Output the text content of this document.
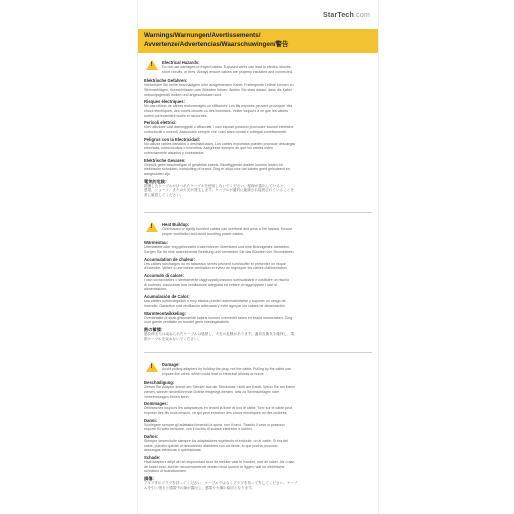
StarTech.com
Warnings/Warnungen/Avertissements/
Avvertenze/Advertencias/Waarschuwingen/警告
! Electrical Hazards:
Do not use damaged or frayed cables. Exposed wires can lead to electric shocks,
short circuits, or fires. Always ensure cables are properly insulated and connected.
Elektrische Gefahren:
Verwenden Sie keine beschädigten oder ausgefransten Kabel. Freiliegende Drähte können zu
Stromschlägen, Kurzschlüssen oder Bränden führen. Achten Sie stets darauf, dass die Kabel
ordnungsgemäß isoliert und angeschlossen sind.
Risques électriques:
Ne pas utiliser de câbles endommagés ou effilochés. Les fils exposés peuvent provoquer des
chocs électriques, des courts-circuits ou des incendies. Veiller toujours à ce que les câbles
soient correctement isolés et raccordés.
Pericoli elettrici:
Non utilizzare cavi danneggiati o sfilacciati. I cavi esposti possono provocare scosse elettriche,
cortocircuiti o incendi. Assicurarsi sempre che i cavi siano isolati e collegati correttamente.
Peligros con la Electricidad:
No utilizar cables dañados o deshilachados. Los cables expuestos pueden provocar descargas
eléctricas, cortocircuitos o incendios. Asegúrese siempre de que los cables estén
correctamente aislados y conectados.
Elektrische Gevaren:
Gebruik geen beschadigde of gerafelde kabels. Blootliggende draden kunnen leiden tot
elektrische schokken, kortsluiting of brand. Zorg er altijd voor dat kabels goed geïsoleerd en
aangesloten zijn.
電気的危険:
損傷したケーブルやほつれたケーブルを使用しないでください。配線が露出していると、
感電、ショート、または火災が発生します。ケーブルが適切に絶縁され接続されていることを
常に確認してください。
! Heat Buildup:
Overloaded or tightly bundled cables can overheat and pose a fire hazard. Ensure
proper ventilation and avoid bundling power cables.
Wärmestau:
Überlastete oder eng gebündelte Kabel können überhitzen und eine Brandgefahr darstellen.
Sorgen Sie für eine ausreichende Belüftung und vermeiden Sie das Bündeln von Stromkabeln.
Accumulation de chaleur:
Les câbles surchargés ou en faisceaux serrés peuvent surchauffer et présenter un risque
d'incendie. Veillez à une bonne ventilation et évitez de regrouper les câbles d'alimentation.
Accumulo di calore:
I cavi sovraccarichi o strettamente raggruppati possono surriscaldarsi e costituire un rischio
di incendio. Assicurare una ventilazione adeguata ed evitare di raggruppare i cavi di
alimentazione.
Acumulación de Calor:
Los cables sobrecargados o muy atados pueden sobrecalentarse y suponer un riesgo de
incendio. Garantice una ventilación adecuada y evite agrupar los cables de alimentación.
Warmteontwikkeling:
Overbelaste of strak gebundelde kabels kunnen oververhit raken en brand veroorzaken. Zorg
voor goede ventilatie en bundel geen voedingskabels.
熱の蓄積:
過負荷または束ねられたケーブルは過熱し、火災の危険があります。適切な換気を確保し、電
源ケーブルを束ねないでください。
! Damage:
Avoid pulling adapters by holding the plug, not the cable. Pulling by the cable can
expose live wires, which could lead to electrical shocks or burns.
Beschädigung:
Ziehen Sie Adapter immer am Stecker aus der Steckdose, nicht am Kabel. Wenn Sie am Kabel
ziehen, können stromführende Drähte freigelegt werden, was zu Stromschlägen oder
Verbrennungen führen kann.
Dommages:
Débranchez toujours les adaptateurs en tenant la fiche et non le câble. Tirer sur le câble peut
exposer des fils sous tension, ce qui peut entraîner des chocs électriques ou des brûlures.
Danni:
Scollegare sempre gli adattatori tenendo la spina, non il cavo. Tirando il cavo si possono
esporre fili sotto tensione, con il rischio di scosse elettriche o ustioni.
Daños:
Siempre desenchufe siempre los adaptadores sujetando el enchufe, no el cable. Si tira del
cable, pueden quedar al descubierto alambres con corriente, lo que podría provocar
descargas eléctricas o quemaduras.
Schade:
Haal adapters altijd uit het stopcontact door de stekker vast te houden, niet de kabel. Als u aan
de kabel trekt, kunnen stroomvoerende draden bloot komen te liggen, wat tot elektrische
schokken of brandwonden.
損傷:
アダプタのプラグを持ってください。ケーブルではなくプラグを持って外してください。ケーブ
ルを引っ張ると通電中の線が露出し、感電や火傷の原因となります。
